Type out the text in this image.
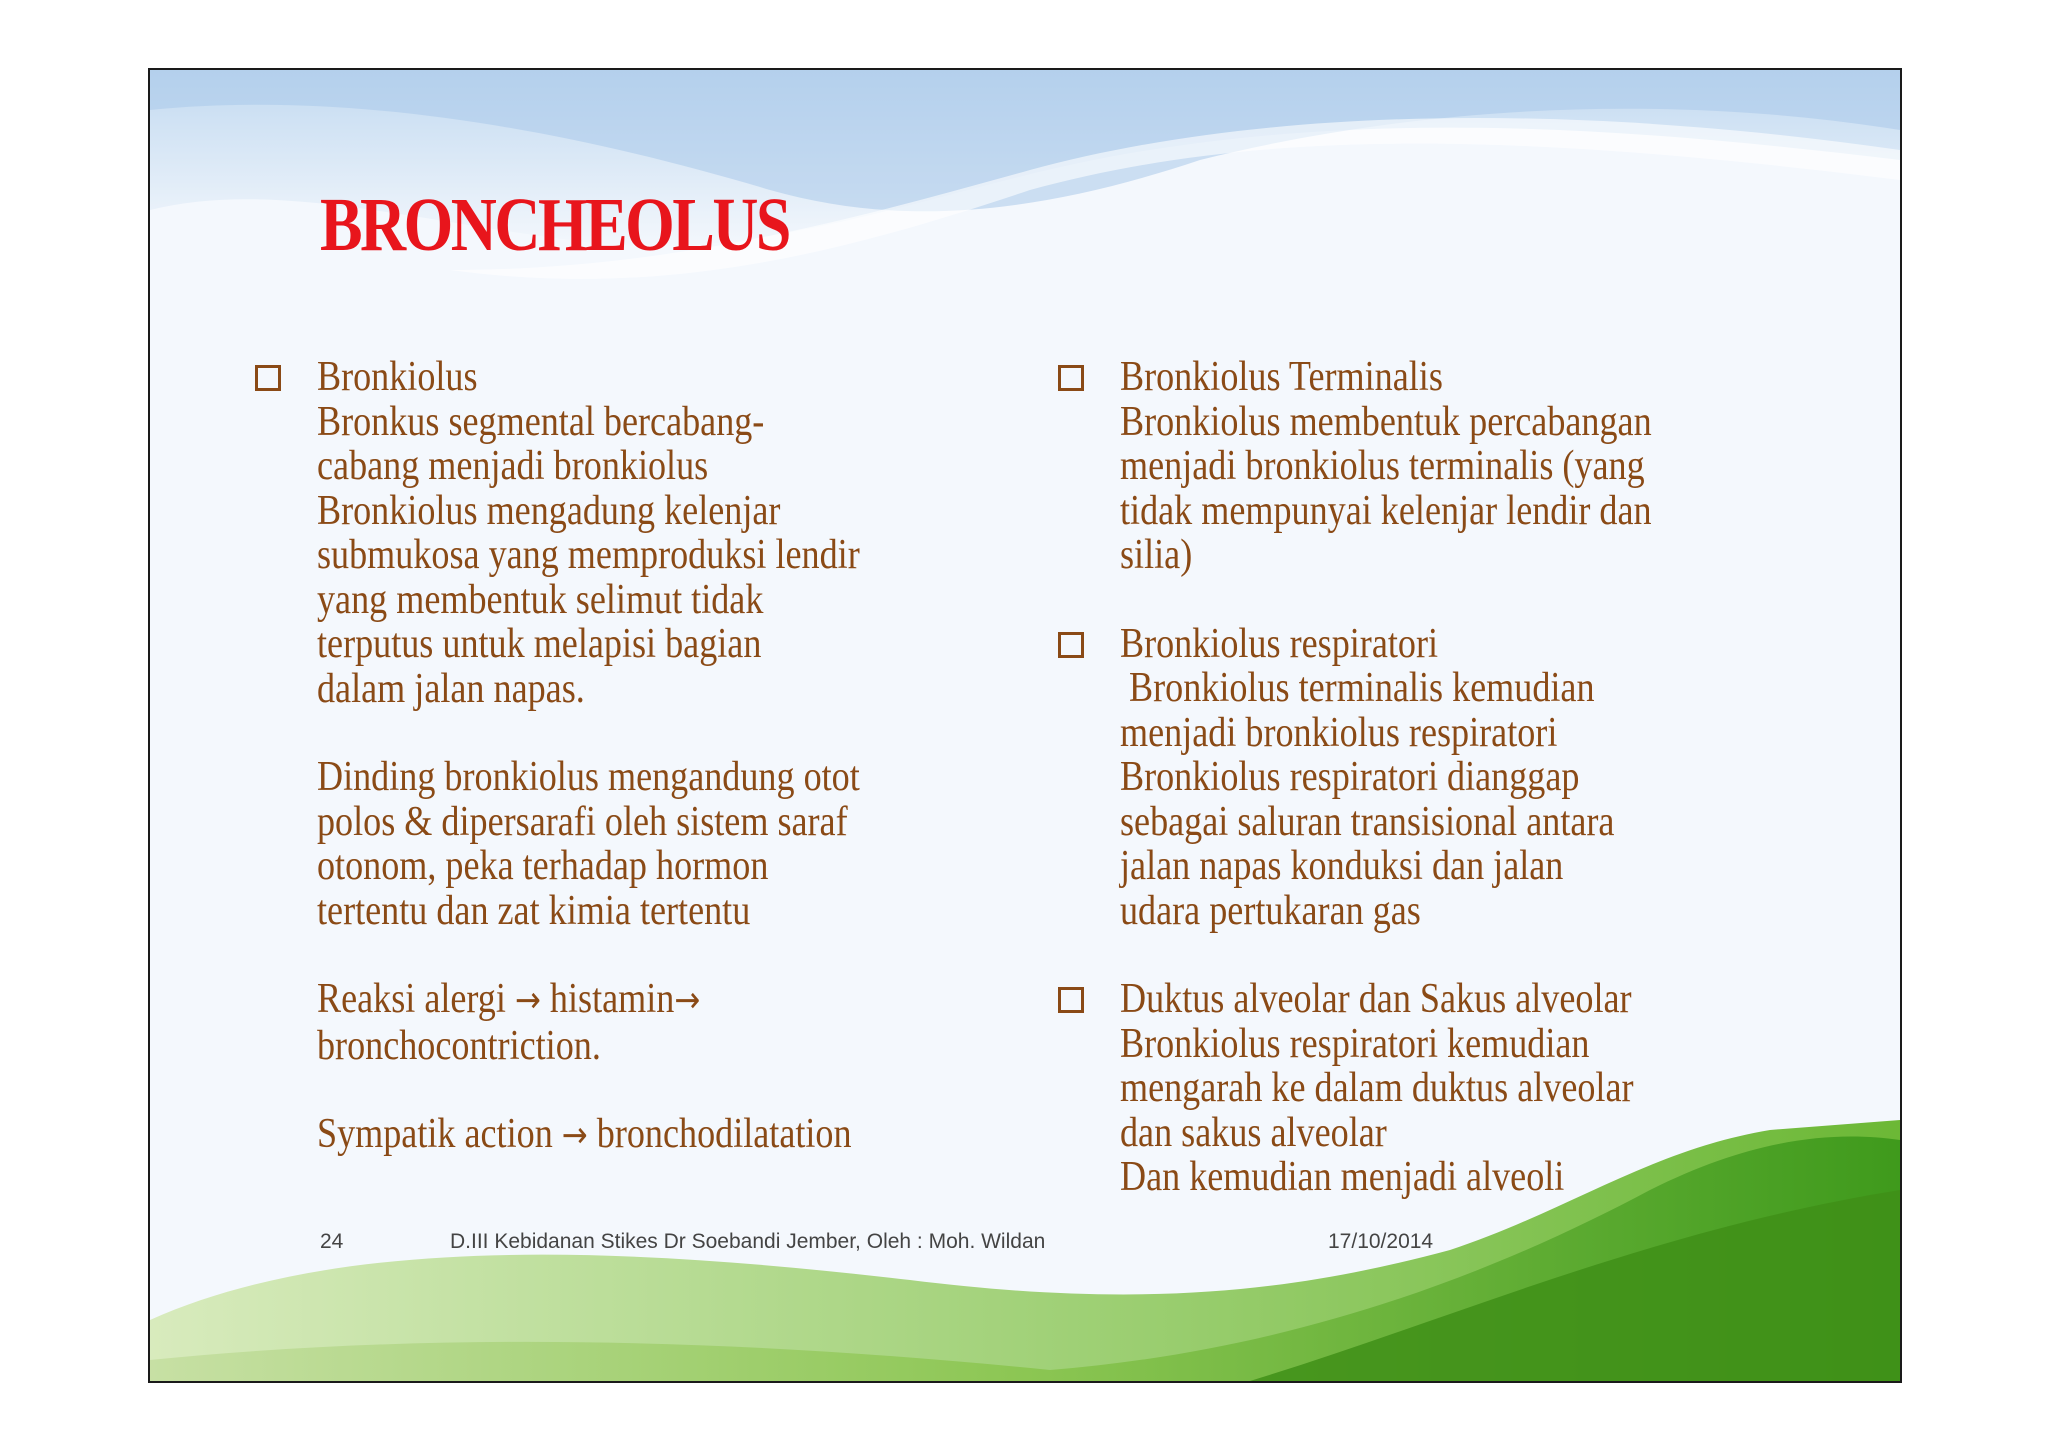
BRONCHEOLUS
Bronkiolus
Bronkus segmental bercabang-
cabang menjadi bronkiolus
Bronkiolus mengadung kelenjar
submukosa yang memproduksi lendir
yang membentuk selimut tidak
terputus untuk melapisi bagian
dalam jalan napas.
Dinding bronkiolus mengandung otot
polos & dipersarafi oleh sistem saraf
otonom, peka terhadap hormon
tertentu dan zat kimia tertentu
Reaksi alergi → histamin→
bronchocontriction.
Sympatik action → bronchodilatation
Bronkiolus Terminalis
Bronkiolus membentuk percabangan
menjadi bronkiolus terminalis (yang
tidak mempunyai kelenjar lendir dan
silia)
Bronkiolus respiratori
Bronkiolus terminalis kemudian
menjadi bronkiolus respiratori
Bronkiolus respiratori dianggap
sebagai saluran transisional antara
jalan napas konduksi dan jalan
udara pertukaran gas
Duktus alveolar dan Sakus alveolar
Bronkiolus respiratori kemudian
mengarah ke dalam duktus alveolar
dan sakus alveolar
Dan kemudian menjadi alveoli
24	D.III Kebidanan Stikes Dr Soebandi Jember, Oleh : Moh. Wildan	17/10/2014
